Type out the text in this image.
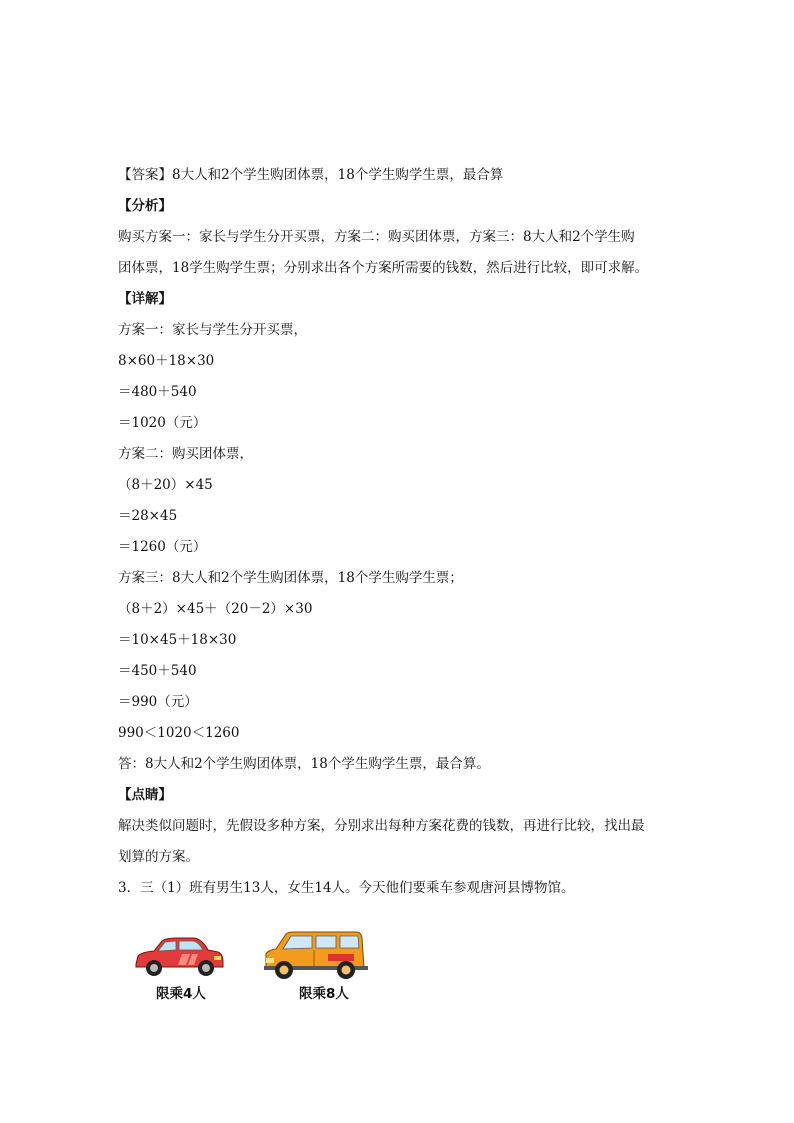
【答案】8大人和2个学生购团体票，18个学生购学生票，最合算
【分析】
购买方案一：家长与学生分开买票，方案二：购买团体票，方案三：8大人和2个学生购
团体票，18学生购学生票；分别求出各个方案所需要的钱数，然后进行比较，即可求解。
【详解】
方案一：家长与学生分开买票，
8×60＋18×30
＝480＋540
＝1020（元）
方案二：购买团体票，
（8＋20）×45
＝28×45
＝1260（元）
方案三：8大人和2个学生购团体票，18个学生购学生票；
（8＋2）×45＋（20－2）×30
＝10×45＋18×30
＝450＋540
＝990（元）
990＜1020＜1260
答：8大人和2个学生购团体票，18个学生购学生票，最合算。
【点睛】
解决类似问题时，先假设多种方案，分别求出每种方案花费的钱数，再进行比较，找出最
划算的方案。
3．三（1）班有男生13人，女生14人。今天他们要乘车参观唐河县博物馆。
限乘4人	限乘8人
